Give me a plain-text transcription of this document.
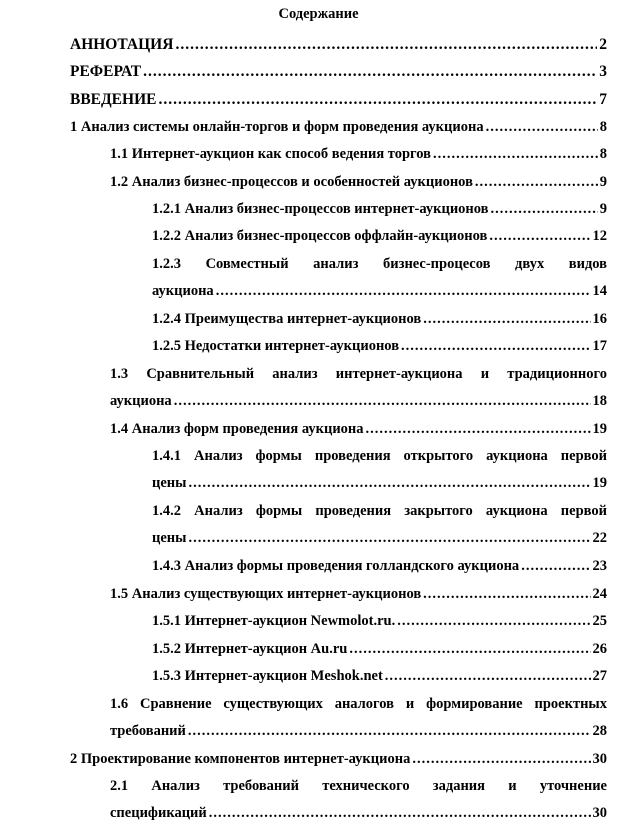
Содержание
АННОТАЦИЯ .....	2
РЕФЕРАТ .....	3
ВВЕДЕНИЕ .....	7
1 Анализ системы онлайн-торгов и форм проведения аукциона .....	8
1.1 Интернет-аукцион как способ ведения торгов .....	8
1.2 Анализ бизнес-процессов и особенностей аукционов .....	9
1.2.1 Анализ бизнес-процессов интернет-аукционов .....	9
1.2.2 Анализ бизнес-процессов оффлайн-аукционов .....	12
1.2.3 Совместный анализ бизнес-процесов двух видов
аукциона .....	14
1.2.4 Преимущества интернет-аукционов .....	16
1.2.5 Недостатки интернет-аукционов .....	17
1.3 Сравнительный анализ интернет-аукциона и традиционного
аукциона .....	18
1.4 Анализ форм проведения аукциона .....	19
1.4.1 Анализ формы проведения открытого аукциона первой
цены .....	19
1.4.2 Анализ формы проведения закрытого аукциона первой
цены .....	22
1.4.3 Анализ формы проведения голландского аукциона .....	23
1.5 Анализ существующих интернет-аукционов .....	24
1.5.1 Интернет-аукцион Newmolot.ru. .....	25
1.5.2 Интернет-аукцион Au.ru .....	26
1.5.3 Интернет-аукцион Meshok.net .....	27
1.6 Сравнение существующих аналогов и формирование проектных
требований .....	28
2 Проектирование компонентов интернет-аукциона .....	30
2.1 Анализ требований технического задания и уточнение
спецификаций .....	30
